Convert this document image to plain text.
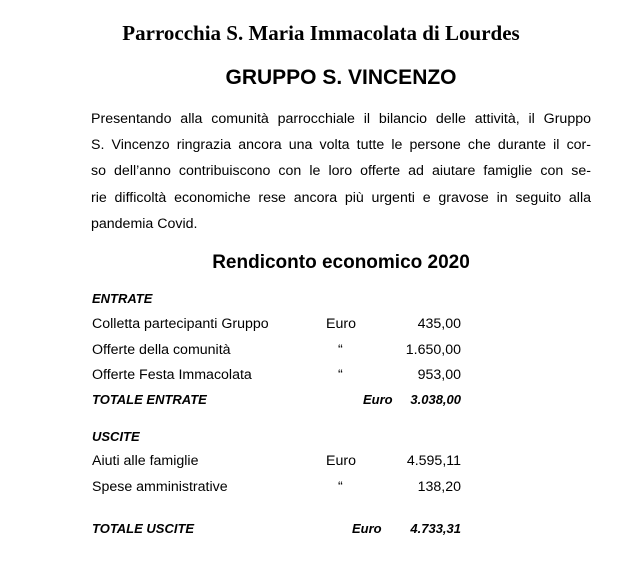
Parrocchia S. Maria Immacolata di Lourdes
GRUPPO S. VINCENZO
Presentando alla comunità parrocchiale il bilancio delle attività, il Gruppo
S. Vincenzo ringrazia ancora una volta tutte le persone che durante il cor-
so dell’anno contribuiscono con le loro offerte ad aiutare famiglie con se-
rie difficoltà economiche rese ancora più urgenti e gravose in seguito alla
pandemia Covid.
Rendiconto economico 2020
ENTRATE
Colletta partecipanti Gruppo	Euro	435,00
Offerte della comunità	“	1.650,00
Offerte Festa Immacolata	“	953,00
TOTALE ENTRATE	Euro 3.038,00
USCITE
Aiuti alle famiglie	Euro	4.595,11
Spese amministrative	“	138,20
TOTALE USCITE	Euro 4.733,31
